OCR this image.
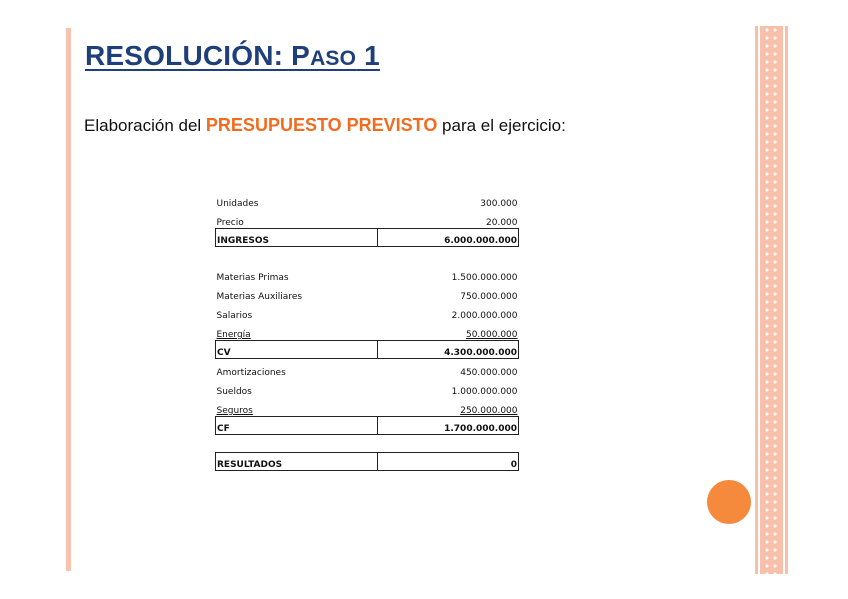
RESOLUCIÓN: PASO 1
Elaboración del PRESUPUESTO PREVISTO para el ejercicio:
Unidades	300.000
Precio	20.000
INGRESOS	6.000.000.000

Materias Primas	1.500.000.000
Materias Auxiliares	750.000.000
Salarios	2.000.000.000
Energía	50.000.000
CV	4.300.000.000
Amortizaciones	450.000.000
Sueldos	1.000.000.000
Seguros	250.000.000
CF	1.700.000.000

RESULTADOS	0
